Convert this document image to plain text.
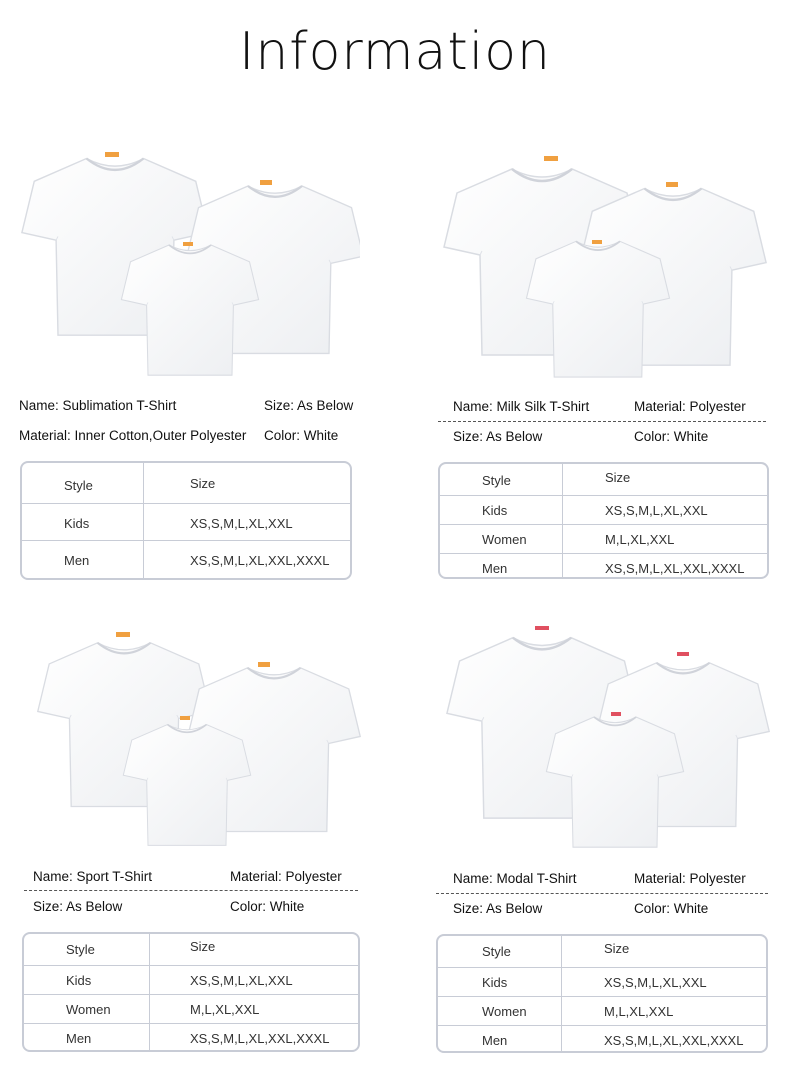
Information
Name: Sublimation T-Shirt	Size: As Below
Material: Inner Cotton,Outer Polyester Color: White
Style	Size
Kids	XS,S,M,L,XL,XXL
Men	XS,S,M,L,XL,XXL,XXXL
Name: Milk Silk T-Shirt	Material: Polyester
Size: As Below	Color: White
Style	Size
Kids	XS,S,M,L,XL,XXL
Women	M,L,XL,XXL
Men	XS,S,M,L,XL,XXL,XXXL
Name: Sport T-Shirt	Material: Polyester
Size: As Below	Color: White
Style	Size
Kids	XS,S,M,L,XL,XXL
Women	M,L,XL,XXL
Men	XS,S,M,L,XL,XXL,XXXL
Name: Modal T-Shirt	Material: Polyester
Size: As Below	Color: White
Style	Size
Kids	XS,S,M,L,XL,XXL
Women	M,L,XL,XXL
Men	XS,S,M,L,XL,XXL,XXXL
